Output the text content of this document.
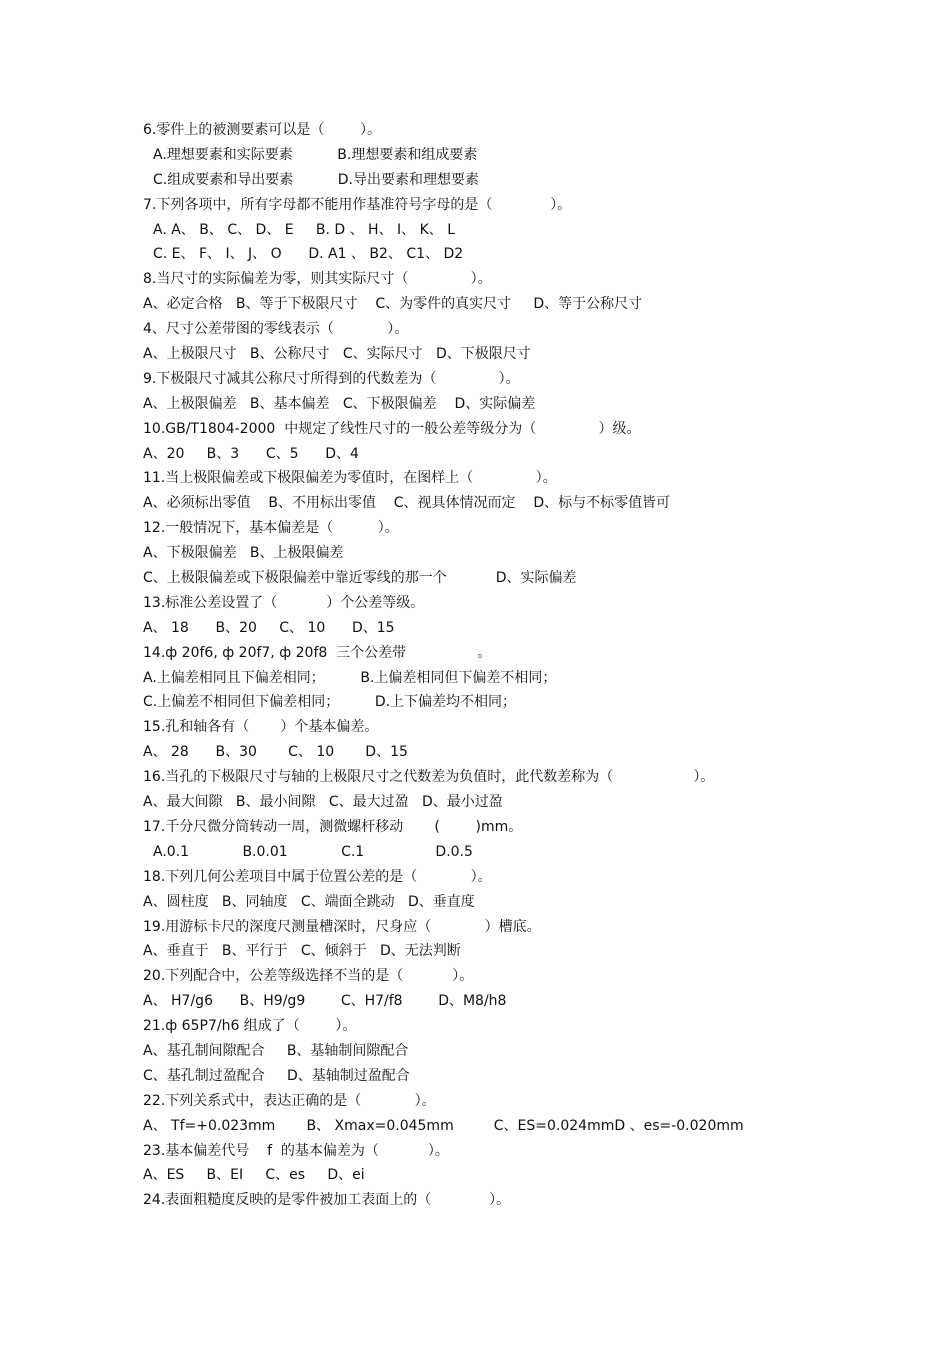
6.零件上的被测要素可以是（        ）。
A.理想要素和实际要素          B.理想要素和组成要素
C.组成要素和导出要素          D.导出要素和理想要素
7.下列各项中，所有字母都不能用作基准符号字母的是（             ）。
A. A、 B、 C、 D、 E     B. D 、 H、 I、 K、 L
C. E、 F、 I、 J、 O      D. A1 、 B2、 C1、 D2
8.当尺寸的实际偏差为零，则其实际尺寸（              ）。
A、必定合格   B、等于下极限尺寸    C、为零件的真实尺寸     D、等于公称尺寸
4、尺寸公差带图的零线表示（            ）。
A、上极限尺寸   B、公称尺寸   C、实际尺寸   D、下极限尺寸
9.下极限尺寸减其公称尺寸所得到的代数差为（              ）。
A、上极限偏差   B、基本偏差   C、下极限偏差    D、实际偏差
10.GB/T1804-2000  中规定了线性尺寸的一般公差等级分为（              ）级。
A、20     B、3      C、5      D、4
11.当上极限偏差或下极限偏差为零值时，在图样上（              ）。
A、必须标出零值    B、不用标出零值    C、视具体情况而定    D、标与不标零值皆可
12.一般情况下，基本偏差是（          ）。
A、下极限偏差   B、上极限偏差
C、上极限偏差或下极限偏差中靠近零线的那一个           D、实际偏差
13.标准公差设置了（           ）个公差等级。
A、 18      B、20     C、 10      D、15
14.ф 20f6, ф 20f7, ф 20f8  三个公差带                。
A.上偏差相同且下偏差相同；        B.上偏差相同但下偏差不相同；
C.上偏差不相同但下偏差相同；        D.上下偏差均不相同；
15.孔和轴各有（       ）个基本偏差。
A、 28      B、30       C、 10       D、15
16.当孔的下极限尺寸与轴的上极限尺寸之代数差为负值时，此代数差称为（                  ）。
A、最大间隙   B、最小间隙   C、最大过盈   D、最小过盈
17.千分尺微分筒转动一周，测微螺杆移动       (        )mm。
A.0.1            B.0.01            C.1                D.0.5
18.下列几何公差项目中属于位置公差的是（            ）。
A、圆柱度   B、同轴度   C、端面全跳动   D、垂直度
19.用游标卡尺的深度尺测量槽深时，尺身应（            ）槽底。
A、垂直于   B、平行于   C、倾斜于   D、无法判断
20.下列配合中，公差等级选择不当的是（           ）。
A、 H7/g6      B、H9/g9        C、H7/f8        D、M8/h8
21.ф 65P7/h6 组成了（        ）。
A、基孔制间隙配合     B、基轴制间隙配合
C、基孔制过盈配合     D、基轴制过盈配合
22.下列关系式中，表达正确的是（            ）。
A、 Tf=+0.023mm       B、 Xmax=0.045mm         C、ES=0.024mmD 、es=-0.020mm
23.基本偏差代号    f  的基本偏差为（           ）。
A、ES     B、EI     C、es     D、ei
24.表面粗糙度反映的是零件被加工表面上的（             ）。
